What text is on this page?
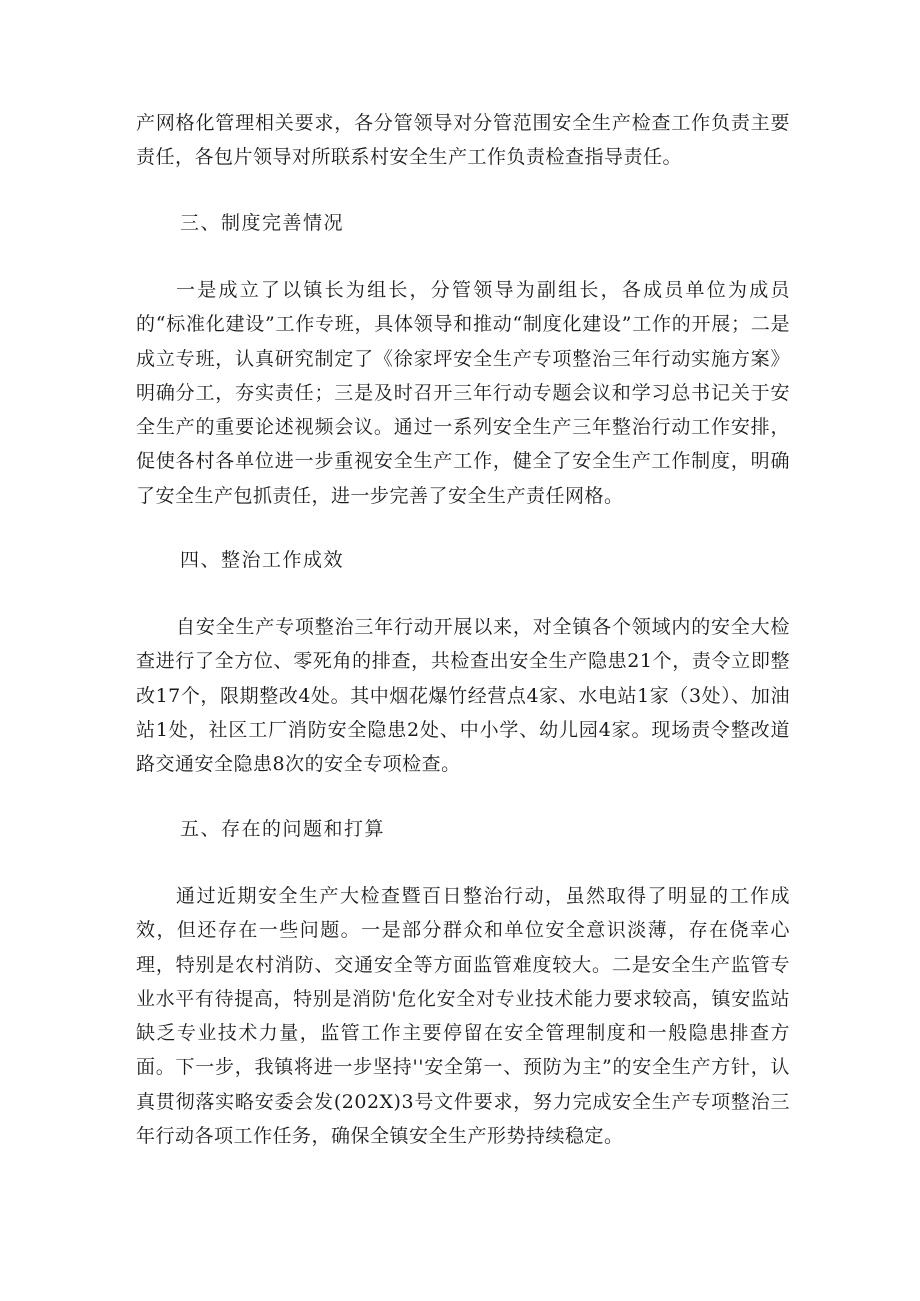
产网格化管理相关要求，各分管领导对分管范围安全生产检查工作负责主要责任，各包片领导对所联系村安全生产工作负责检查指导责任。

三、制度完善情况

一是成立了以镇长为组长，分管领导为副组长，各成员单位为成员的“标准化建设”工作专班，具体领导和推动“制度化建设”工作的开展；二是成立专班，认真研究制定了《徐家坪安全生产专项整治三年行动实施方案》明确分工，夯实责任；三是及时召开三年行动专题会议和学习总书记关于安全生产的重要论述视频会议。通过一系列安全生产三年整治行动工作安排，促使各村各单位进一步重视安全生产工作，健全了安全生产工作制度，明确了安全生产包抓责任，进一步完善了安全生产责任网格。

四、整治工作成效

自安全生产专项整治三年行动开展以来，对全镇各个领域内的安全大检查进行了全方位、零死角的排查，共检查出安全生产隐患21个，责令立即整改17个，限期整改4处。其中烟花爆竹经营点4家、水电站1家（3处）、加油站1处，社区工厂消防安全隐患2处、中小学、幼儿园4家。现场责令整改道路交通安全隐患8次的安全专项检查。

五、存在的问题和打算

通过近期安全生产大检查暨百日整治行动，虽然取得了明显的工作成效，但还存在一些问题。一是部分群众和单位安全意识淡薄，存在侥幸心理，特别是农村消防、交通安全等方面监管难度较大。二是安全生产监管专业水平有待提高，特别是消防'危化安全对专业技术能力要求较高，镇安监站缺乏专业技术力量，监管工作主要停留在安全管理制度和一般隐患排查方面。下一步，我镇将进一步坚持''安全第一、预防为主”的安全生产方针，认真贯彻落实略安委会发(202X)3号文件要求，努力完成安全生产专项整治三年行动各项工作任务，确保全镇安全生产形势持续稳定。
